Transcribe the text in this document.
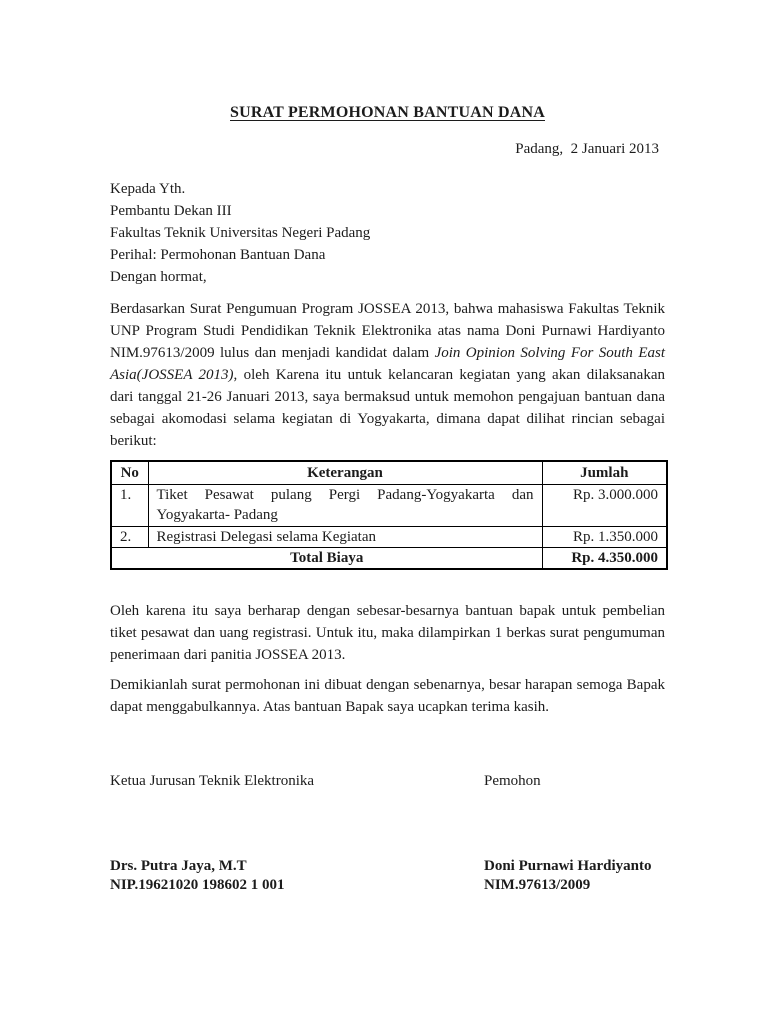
SURAT PERMOHONAN BANTUAN DANA
Padang,  2 Januari 2013
Kepada Yth.
Pembantu Dekan III
Fakultas Teknik Universitas Negeri Padang
Perihal: Permohonan Bantuan Dana
Dengan hormat,

Berdasarkan Surat Pengumuan Program JOSSEA 2013, bahwa mahasiswa Fakultas Teknik UNP Program Studi Pendidikan Teknik Elektronika atas nama Doni Purnawi Hardiyanto NIM.97613/2009 lulus dan menjadi kandidat dalam Join Opinion Solving For South East Asia(JOSSEA 2013), oleh Karena itu untuk kelancaran kegiatan yang akan dilaksanakan dari tanggal 21-26 Januari 2013, saya bermaksud untuk memohon pengajuan bantuan dana sebagai akomodasi selama kegiatan di Yogyakarta, dimana dapat dilihat rincian sebagai berikut:

No	Keterangan	Jumlah
1.	Tiket Pesawat pulang Pergi Padang-Yogyakarta dan Yogyakarta- Padang	Rp. 3.000.000
2.	Registrasi Delegasi selama Kegiatan	Rp. 1.350.000
Total Biaya		Rp. 4.350.000

Oleh karena itu saya berharap dengan sebesar-besarnya bantuan bapak untuk pembelian tiket pesawat dan uang registrasi. Untuk itu, maka dilampirkan 1 berkas surat pengumuman penerimaan dari panitia JOSSEA 2013.

Demikianlah surat permohonan ini dibuat dengan sebenarnya, besar harapan semoga Bapak dapat menggabulkannya. Atas bantuan Bapak saya ucapkan terima kasih.

Ketua Jurusan Teknik Elektronika	Pemohon
Drs. Putra Jaya, M.T
NIP.19621020 198602 1 001
Doni Purnawi Hardiyanto
NIM.97613/2009
